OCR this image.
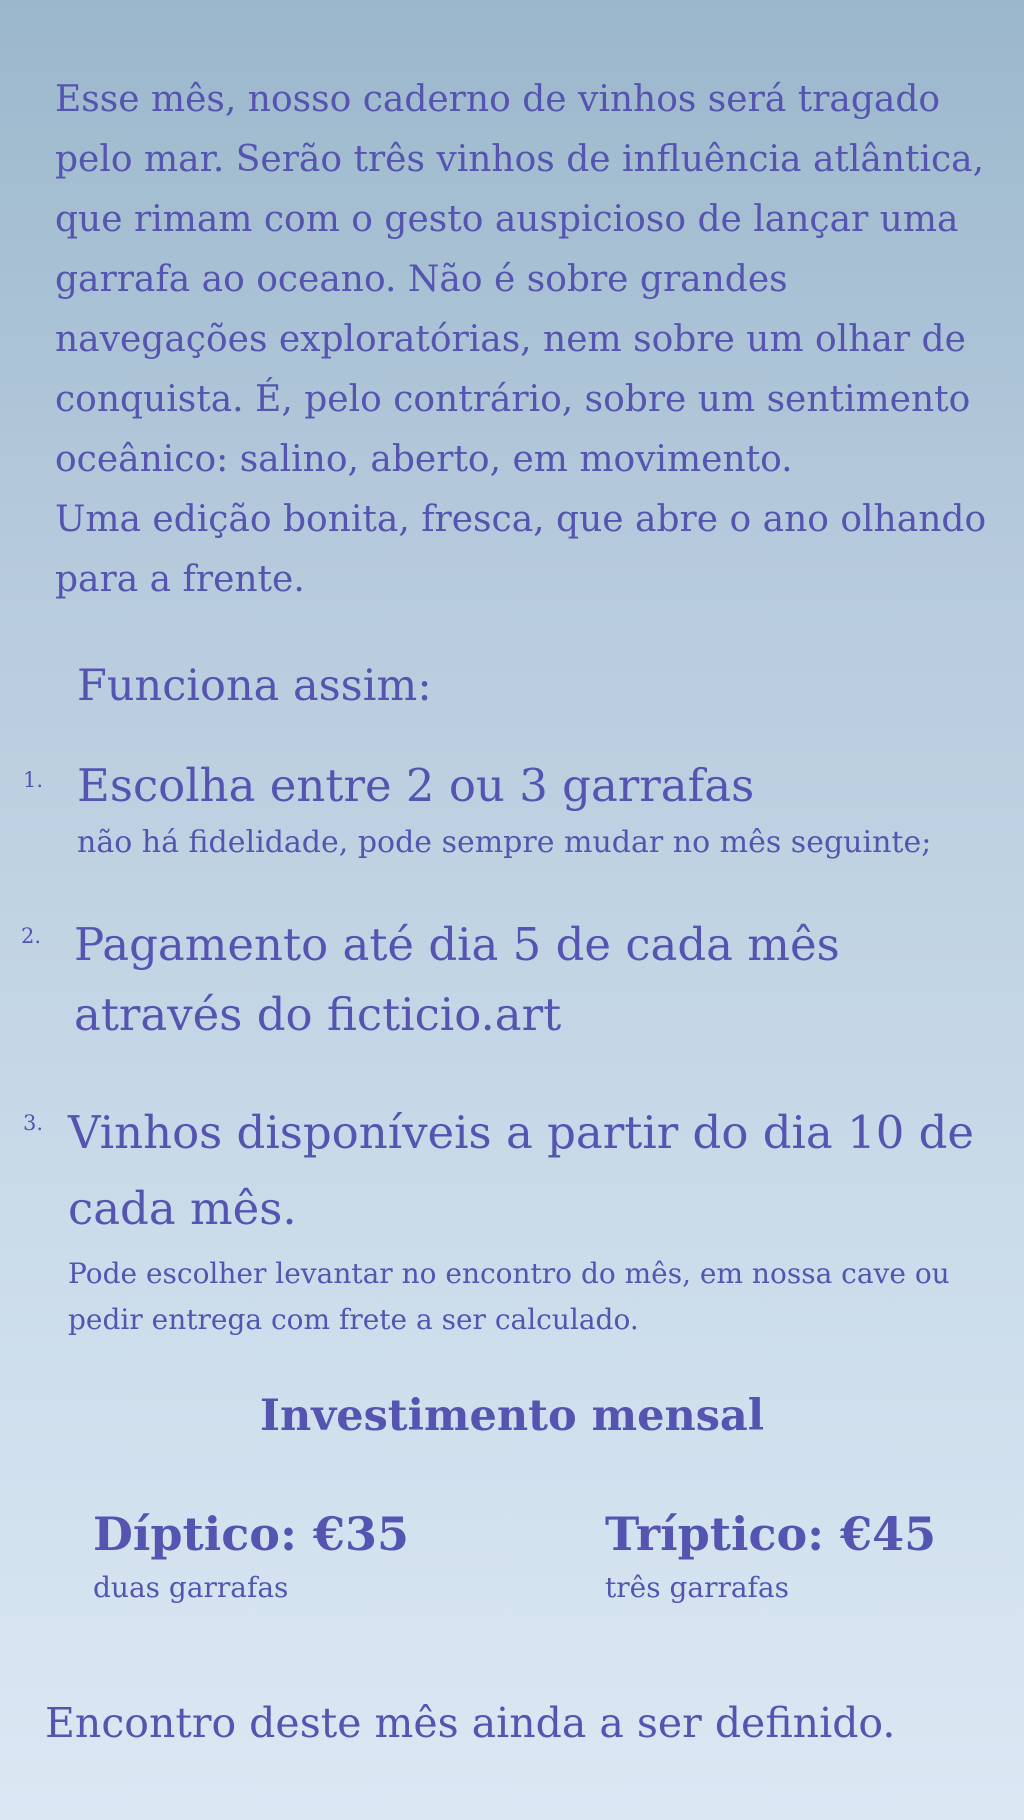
Esse mês, nosso caderno de vinhos será tragado pelo mar. Serão três vinhos de influência atlântica, que rimam com o gesto auspicioso de lançar uma garrafa ao oceano. Não é sobre grandes navegações exploratórias, nem sobre um olhar de conquista. É, pelo contrário, sobre um sentimento oceânico: salino, aberto, em movimento.

Uma edição bonita, fresca, que abre o ano olhando para a frente.

Funciona assim:
1. Escolha entre 2 ou 3 garrafas

não há fidelidade, pode sempre mudar no mês seguinte;

2. Pagamento até dia 5 de cada mês através do ficticio.art
3. Vinhos disponíveis a partir do dia 10 de cada mês.

Pode escolher levantar no encontro do mês, em nossa cave ou pedir entrega com frete a ser calculado.

Investimento mensal

Díptico: €35

duas garrafas

Tríptico: €45

três garrafas

Encontro deste mês ainda a ser definido.
